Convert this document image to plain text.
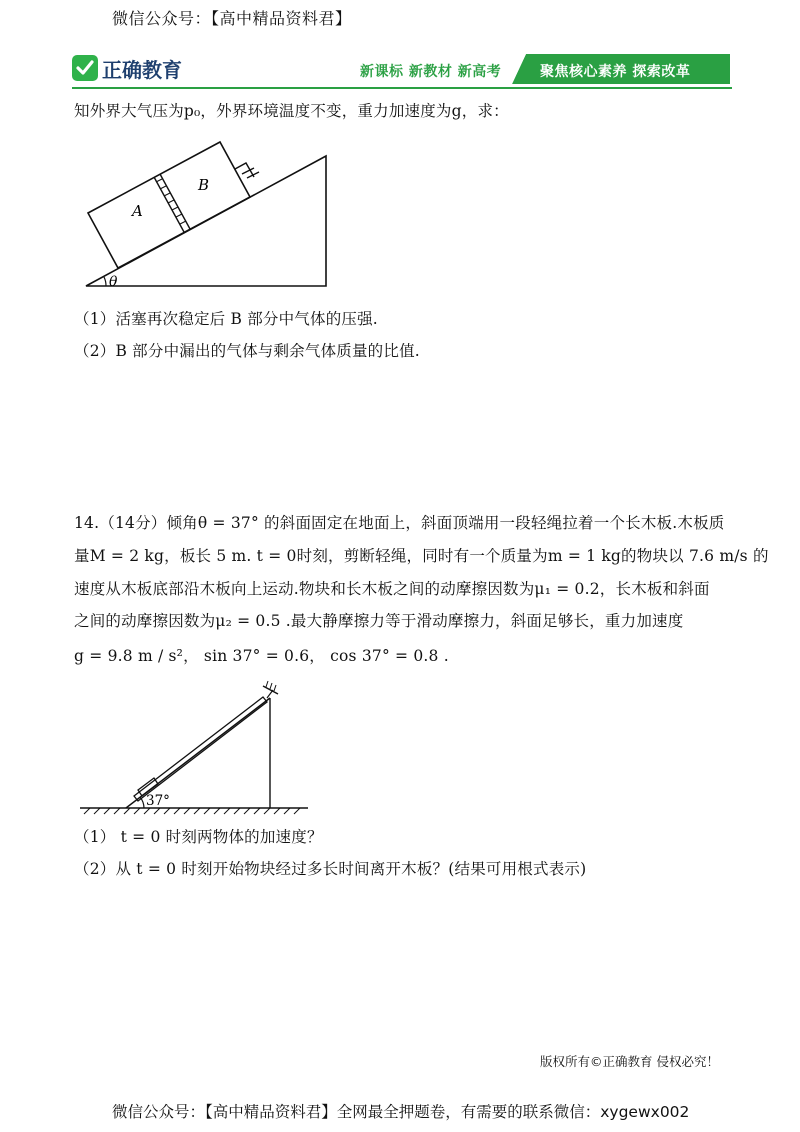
微信公众号：【高中精品资料君】
正确教育	新课标 新教材 新高考	聚焦核心素养 探索改革
知外界大气压为p₀，外界环境温度不变，重力加速度为g，求：
A
B
θ
（1）活塞再次稳定后 B 部分中气体的压强.
（2）B 部分中漏出的气体与剩余气体质量的比值.
14.（14分）倾角θ = 37° 的斜面固定在地面上，斜面顶端用一段轻绳拉着一个长木板.木板质
量M = 2 kg，板长 5 m. t = 0时刻，剪断轻绳，同时有一个质量为m = 1 kg的物块以 7.6 m/s 的
速度从木板底部沿木板向上运动.物块和长木板之间的动摩擦因数为μ₁ = 0.2，长木板和斜面
之间的动摩擦因数为μ₂ = 0.5 .最大静摩擦力等于滑动摩擦力，斜面足够长，重力加速度
g = 9.8 m / s²， sin 37° = 0.6， cos 37° = 0.8 .
37°
（1） t = 0 时刻两物体的加速度？
（2）从 t = 0 时刻开始物块经过多长时间离开木板？(结果可用根式表示)
版权所有©正确教育 侵权必究！
微信公众号：【高中精品资料君】全网最全押题卷，有需要的联系微信：xygewx002
